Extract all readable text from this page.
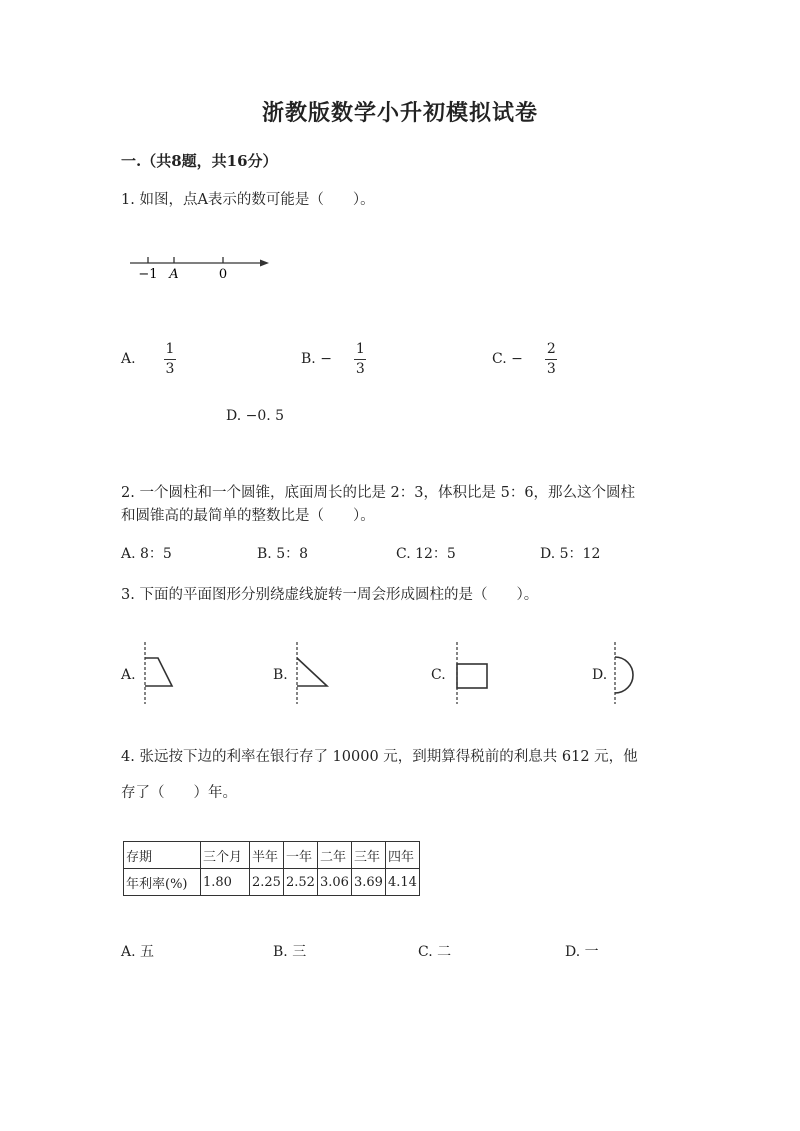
浙教版数学小升初模拟试卷
一.（共8题，共16分）
1. 如图，点A表示的数可能是（　　）。
−1 A	0
A. $\frac{1}{3}$	B. − $\frac{1}{3}$	C. − $\frac{2}{3}$
D. −0. 5
2. 一个圆柱和一个圆锥，底面周长的比是 2：3，体积比是 5：6，那么这个圆柱
和圆锥高的最简单的整数比是（　　）。
A. 8：5	B. 5：8	C. 12：5	D. 5：12
3. 下面的平面图形分别绕虚线旋转一周会形成圆柱的是（　　）。
A.	B.	C.	D.
4. 张远按下边的利率在银行存了 10000 元，到期算得税前的利息共 612 元，他
存了（　　）年。
存期	三个月	半年	一年	二年	三年	四年
年利率(%)	1.80	2.25	2.52	3.06	3.69	4.14
A. 五	B. 三	C. 二	D. 一
